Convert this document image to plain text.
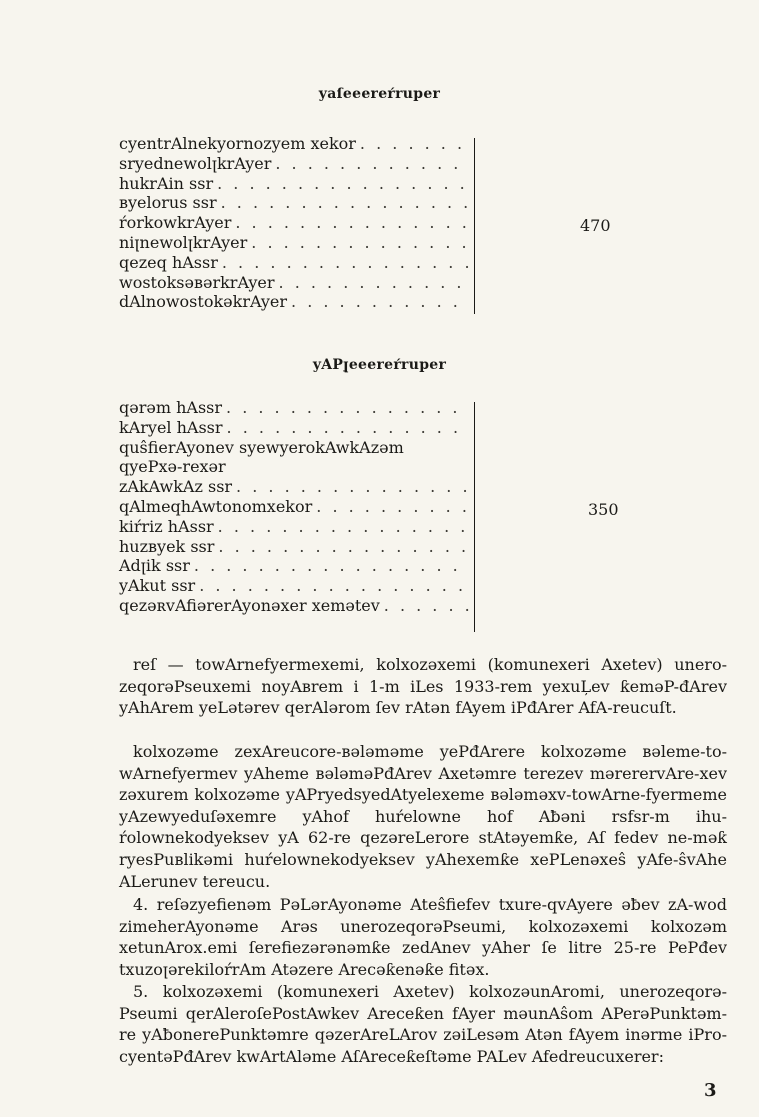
yaſeeereŕruper
cyentrAlnekyornozyem xekor
. . .
sryednewolꞁkrAyer
. . .
hukrAin ssr
. . .
ʙyelorus ssr
. . .
ŕorkowkrAyer
. . .
niꞁnewolꞁkrAyer
. . .
qezeq hAssr
. . .
wostoksəʙərkrAyer
. . .
dAlnowostokəkrAyer
. . .
470
yAPꞁ̧eeereŕruper
qərəm hAssr
. . .
kAryel hAssr
. . .
quŝfierAyonev syewyerokAwkAzəm qyePxə-rexər
zAkAwkAz ssr
. . .
qAlmeqhAwtonomxekor
. . .
kiŕriz hAssr
. . .
huzʙyek ssr
. . .
Adꞁik ssr
. . .
yAkut ssr
. . .
qezəʀvAfiərerAyonəxer xemətev
. . .
350
reſ — towArnefyermexemi, kolxozəxemi (komunexeri Axetev) unero-zeqorəPseuxemi noyAʙrem i 1-m iLes 1933-rem yexuL̦ev ƙeməP-đArev yAhArem yeLətərev qerAlərom ſev rAtən fAyem iPđArer AfA-reucuſt.
kolxozəme zexAreucore-ʙələməme yePđArere kolxozəme ʙəleme-to-wArnefyermev yAheme ʙələməPđArev Axetəmre terezev mərerervAre-xev zəxurem kolxozəme yAPryedsyedAtyelexeme ʙələməxv-towArne-fyermeme yAzewyeduſəxemre yAhof huŕelowne hof Aƀəni rsfsr-m ihu-ŕolownekodyeksev yA 62-re qezəreLerore stAtəyemƙe, Aſ fedev ne-məƙ ryesPuʙlikəmi huŕelownekodyeksev yAhexemƙe xePLenəxeŝ yAfe-ŝvAhe ALerunev tereucu.
4. reſəzyefienəm PəLərAyonəme Ateŝfiefev txure-qvAyere əƀev zA-wod zimeherAyonəme Arəs unerozeqorəPseumi, kolxozəxemi kolxozəm xetunArox.emi ſerefiezərənəmƙe zedAnev yAher ſe litre 25-re PePđev txuzoꞁərekiloŕrAm Atəzere Arecəƙenəƙe fitəx.
5. kolxozəxemi (komunexeri Axetev) kolxozəunAromi, unerozeqorə-Pseumi qerAleroſePostAwkev Areceƙen fAyer məunAŝom APerəPunktəm-re yAƀonerePunktəmre qəzerAreLArov zəiLesəm Atən fAyem inərme iPro-cyentəPđArev kwArtAləme AſAreceƙeſtəme PALev Afedreucuxerer:
3
